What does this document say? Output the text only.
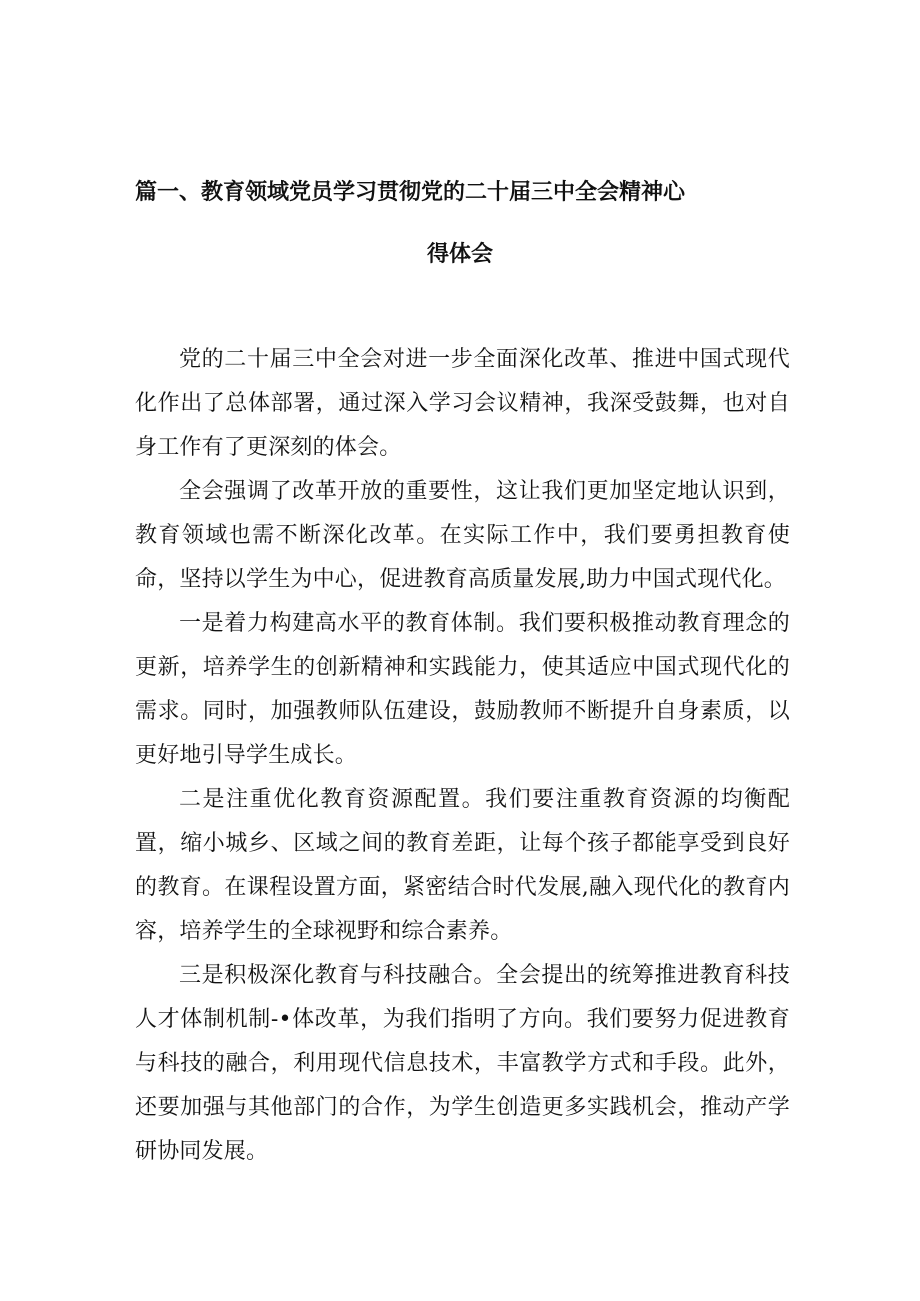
篇一、教育领域党员学习贯彻党的二十届三中全会精神心
得体会

党的二十届三中全会对进一步全面深化改革、推进中国式现代化作出了总体部署，通过深入学习会议精神，我深受鼓舞，也对自身工作有了更深刻的体会。

全会强调了改革开放的重要性，这让我们更加坚定地认识到，教育领域也需不断深化改革。在实际工作中，我们要勇担教育使命，坚持以学生为中心，促进教育高质量发展,助力中国式现代化。

一是着力构建高水平的教育体制。我们要积极推动教育理念的更新，培养学生的创新精神和实践能力，使其适应中国式现代化的需求。同时，加强教师队伍建设，鼓励教师不断提升自身素质，以更好地引导学生成长。

二是注重优化教育资源配置。我们要注重教育资源的均衡配置，缩小城乡、区域之间的教育差距，让每个孩子都能享受到良好的教育。在课程设置方面，紧密结合时代发展,融入现代化的教育内容，培养学生的全球视野和综合素养。

三是积极深化教育与科技融合。全会提出的统筹推进教育科技人才体制机制-•体改革，为我们指明了方向。我们要努力促进教育与科技的融合，利用现代信息技术，丰富教学方式和手段。此外，还要加强与其他部门的合作，为学生创造更多实践机会，推动产学研协同发展。
